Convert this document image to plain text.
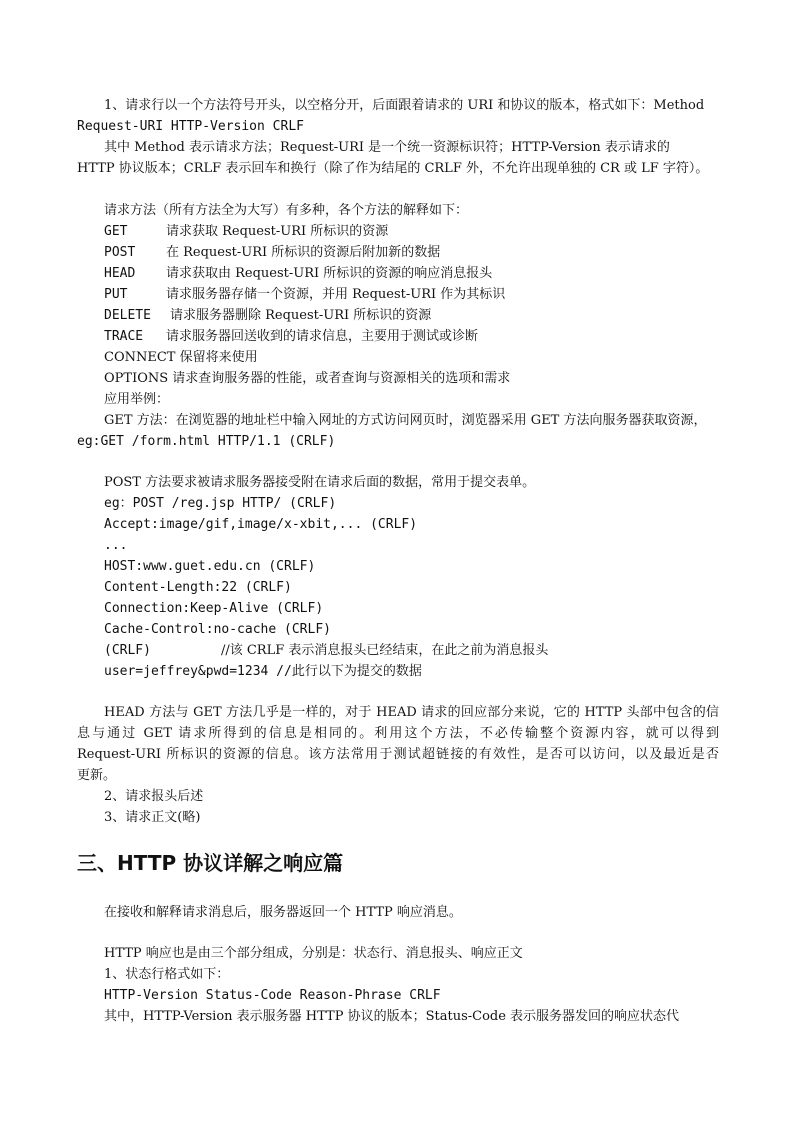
1、请求行以一个方法符号开头，以空格分开，后面跟着请求的 URI 和协议的版本，格式如下：Method
Request-URI HTTP-Version CRLF
其中 Method 表示请求方法；Request-URI 是一个统一资源标识符；HTTP-Version 表示请求的
HTTP 协议版本；CRLF 表示回车和换行（除了作为结尾的 CRLF 外，不允许出现单独的 CR 或 LF 字符）。
请求方法（所有方法全为大写）有多种，各个方法的解释如下：
GET	请求获取 Request-URI 所标识的资源
POST 在 Request-URI 所标识的资源后附加新的数据
HEAD 请求获取由 Request-URI 所标识的资源的响应消息报头
PUT	请求服务器存储一个资源，并用 Request-URI 作为其标识
DELETE 请求服务器删除 Request-URI 所标识的资源
TRACE 请求服务器回送收到的请求信息，主要用于测试或诊断
CONNECT 保留将来使用
OPTIONS 请求查询服务器的性能，或者查询与资源相关的选项和需求
应用举例：
GET 方法：在浏览器的地址栏中输入网址的方式访问网页时，浏览器采用 GET 方法向服务器获取资源，
eg:GET /form.html HTTP/1.1 (CRLF)
POST 方法要求被请求服务器接受附在请求后面的数据，常用于提交表单。
eg：POST /reg.jsp HTTP/ (CRLF)
Accept:image/gif,image/x-xbit,... (CRLF)
...
HOST:www.guet.edu.cn (CRLF)
Content-Length:22 (CRLF)
Connection:Keep-Alive (CRLF)
Cache-Control:no-cache (CRLF)
(CRLF)	//该 CRLF 表示消息报头已经结束，在此之前为消息报头
user=jeffrey&pwd=1234 //此行以下为提交的数据
HEAD 方法与 GET 方法几乎是一样的，对于 HEAD 请求的回应部分来说，它的 HTTP 头部中包含的信
息与通过 GET 请求所得到的信息是相同的。利用这个方法，不必传输整个资源内容，就可以得到
Request-URI 所标识的资源的信息。该方法常用于测试超链接的有效性，是否可以访问，以及最近是否
更新。
2、请求报头后述
3、请求正文(略)
三、HTTP 协议详解之响应篇
在接收和解释请求消息后，服务器返回一个 HTTP 响应消息。
HTTP 响应也是由三个部分组成，分别是：状态行、消息报头、响应正文
1、状态行格式如下：
HTTP-Version Status-Code Reason-Phrase CRLF
其中，HTTP-Version 表示服务器 HTTP 协议的版本；Status-Code 表示服务器发回的响应状态代
